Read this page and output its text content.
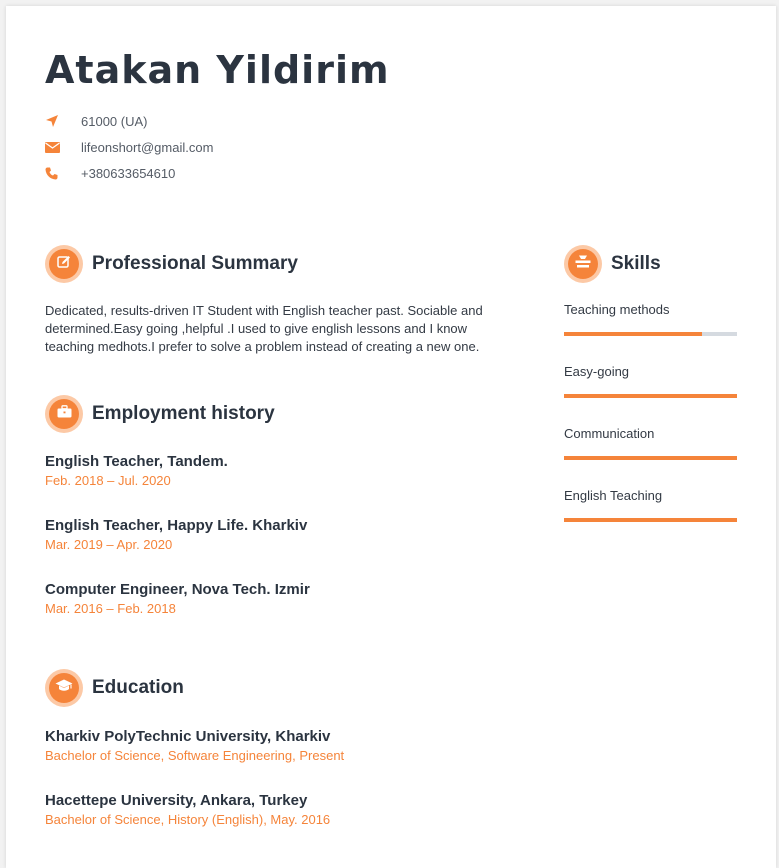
Atakan Yildirim
61000 (UA)
lifeonshort@gmail.com
+380633654610
Professional Summary

Dedicated, results-driven IT Student with English teacher past. Sociable and determined.Easy going ,helpful .I used to give english lessons and I know teaching medhots.I prefer to solve a problem instead of creating a new one.

Employment history
English Teacher, Tandem.
Feb. 2018 – Jul. 2020
English Teacher, Happy Life. Kharkiv
Mar. 2019 – Apr. 2020
Computer Engineer, Nova Tech. Izmir
Mar. 2016 – Feb. 2018
Education
Kharkiv PolyTechnic University, Kharkiv
Bachelor of Science, Software Engineering, Present
Hacettepe University, Ankara, Turkey
Bachelor of Science, History (English), May. 2016
Skills
Teaching methods
Easy-going
Communication
English Teaching
